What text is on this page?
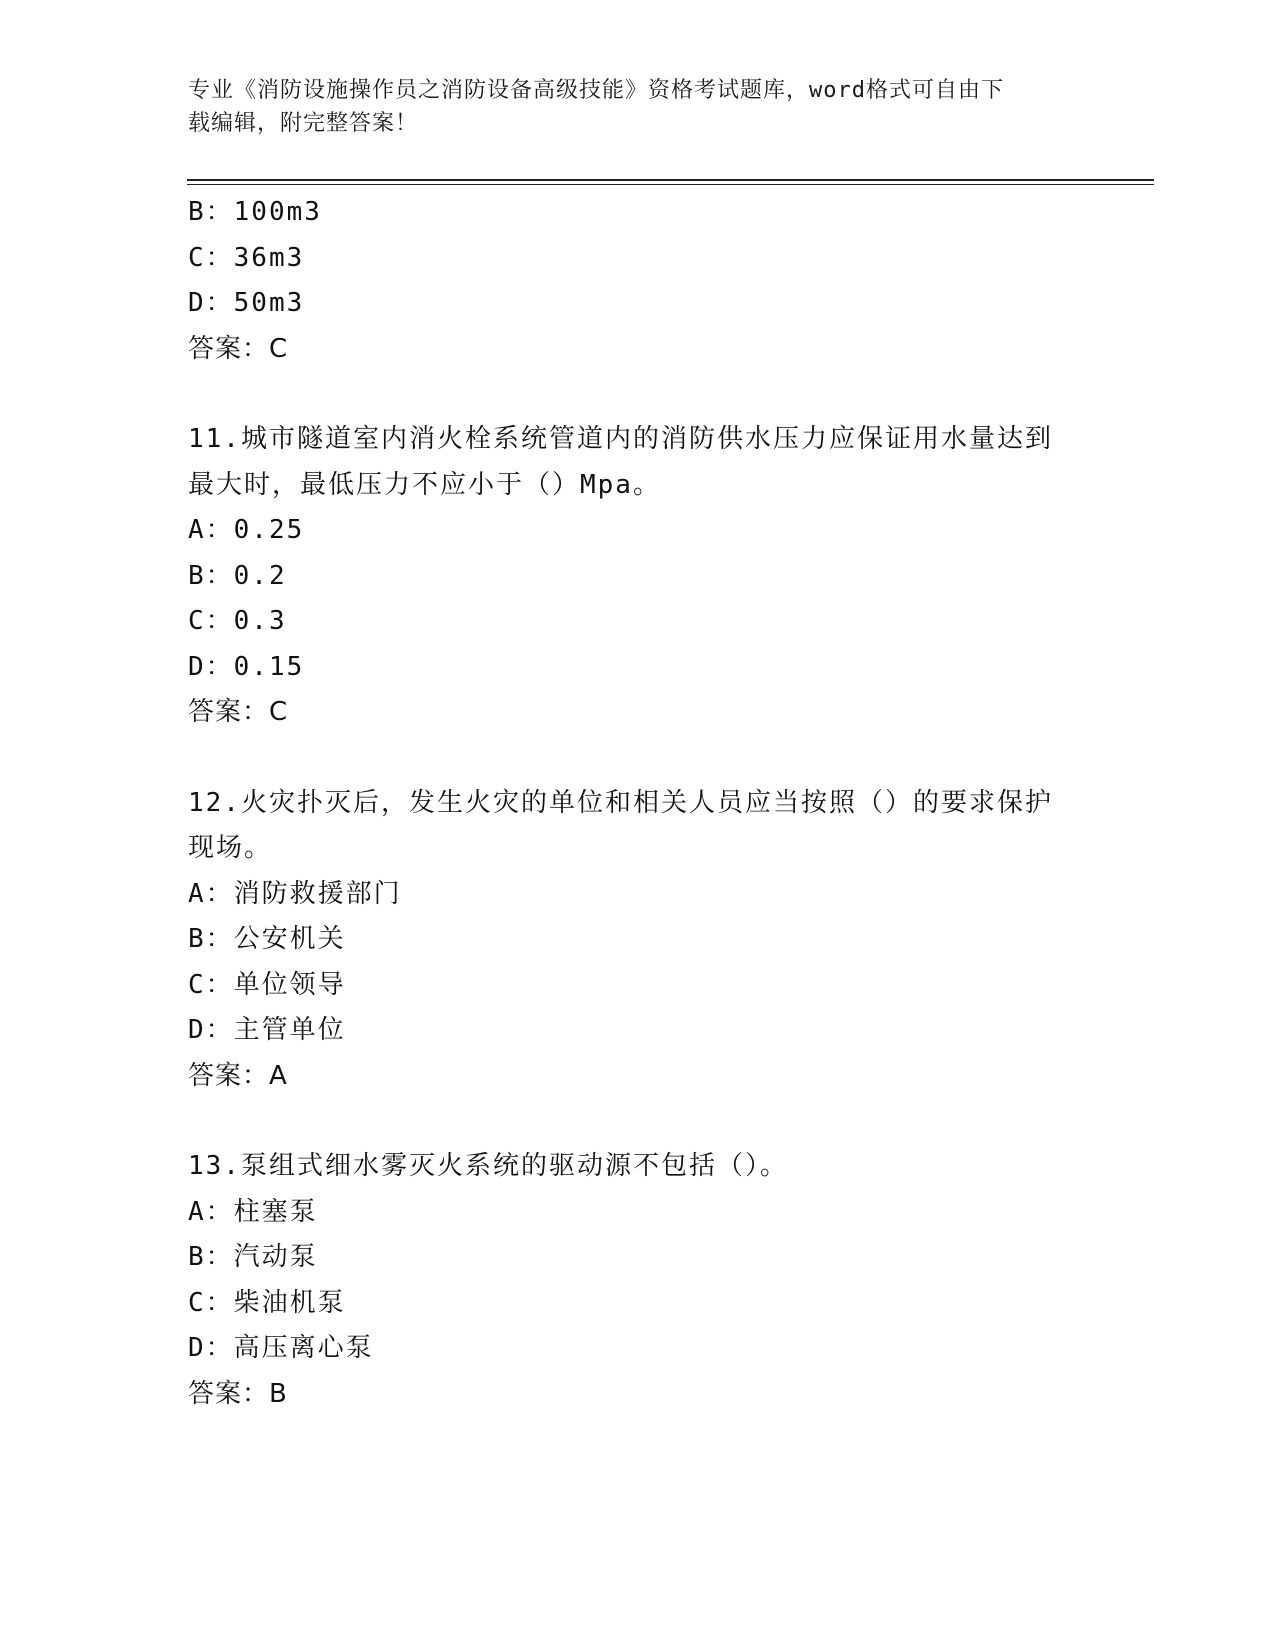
专业《消防设施操作员之消防设备高级技能》资格考试题库，word格式可自由下
载编辑，附完整答案！
B：100m3
C：36m3
D：50m3
答案：C
11.城市隧道室内消火栓系统管道内的消防供水压力应保证用水量达到
最大时，最低压力不应小于（）Mpa。
A：0.25
B：0.2
C：0.3
D：0.15
答案：C
12.火灾扑灭后，发生火灾的单位和相关人员应当按照（）的要求保护
现场。
A：消防救援部门
B：公安机关
C：单位领导
D：主管单位
答案：A
13.泵组式细水雾灭火系统的驱动源不包括（）。
A：柱塞泵
B：汽动泵
C：柴油机泵
D：高压离心泵
答案：B
